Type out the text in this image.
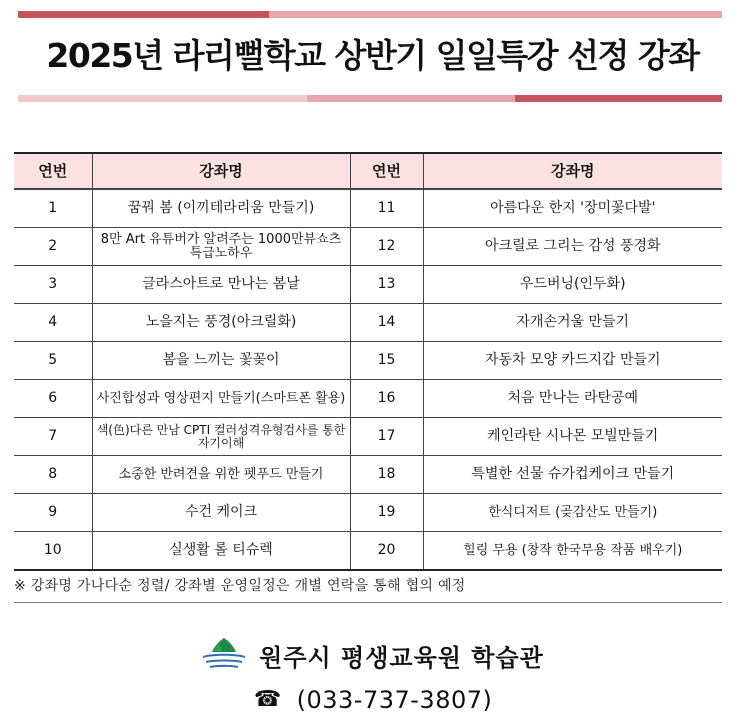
2025년 라리뻘학교 상반기 일일특강 선정 강좌
연번	강좌명	연번	강좌명
1	꿈꿔 봄 (이끼테라리움 만들기)	11	아름다운 한지 '장미꽃다발'
2	8만 Art 유튜버가 알려주는 1000만뷰쇼츠특급노하우	12	아크릴로 그리는 감성 풍경화
3	글라스아트로 만나는 봄날	13	우드버닝(인두화)
4	노을지는 풍경(아크릴화)	14	자개손거울 만들기
5	봄을 느끼는 꽃꽂이	15	자동차 모양 카드지갑 만들기
6	사진합성과 영상편지 만들기(스마트폰 활용)	16	처음 만나는 라탄공예
7	색(色)다른 만남 CPTI 컬러성격유형검사를 통한 자기이해	17	케인라탄 시나몬 모빌만들기
8	소중한 반려견을 위한 펫푸드 만들기	18	특별한 선물 슈가컵케이크 만들기
9	수건 케이크	19	한식디저트 (곶감산도 만들기)
10	실생활 롤 티슈렉	20	힐링 무용 (창작 한국무용 작품 배우기)
※ 강좌명 가나다순 정렬/ 강좌별 운영일정은 개별 연락을 통해 협의 예정
원주시 평생교육원 학습관
☎ (033-737-3807)
